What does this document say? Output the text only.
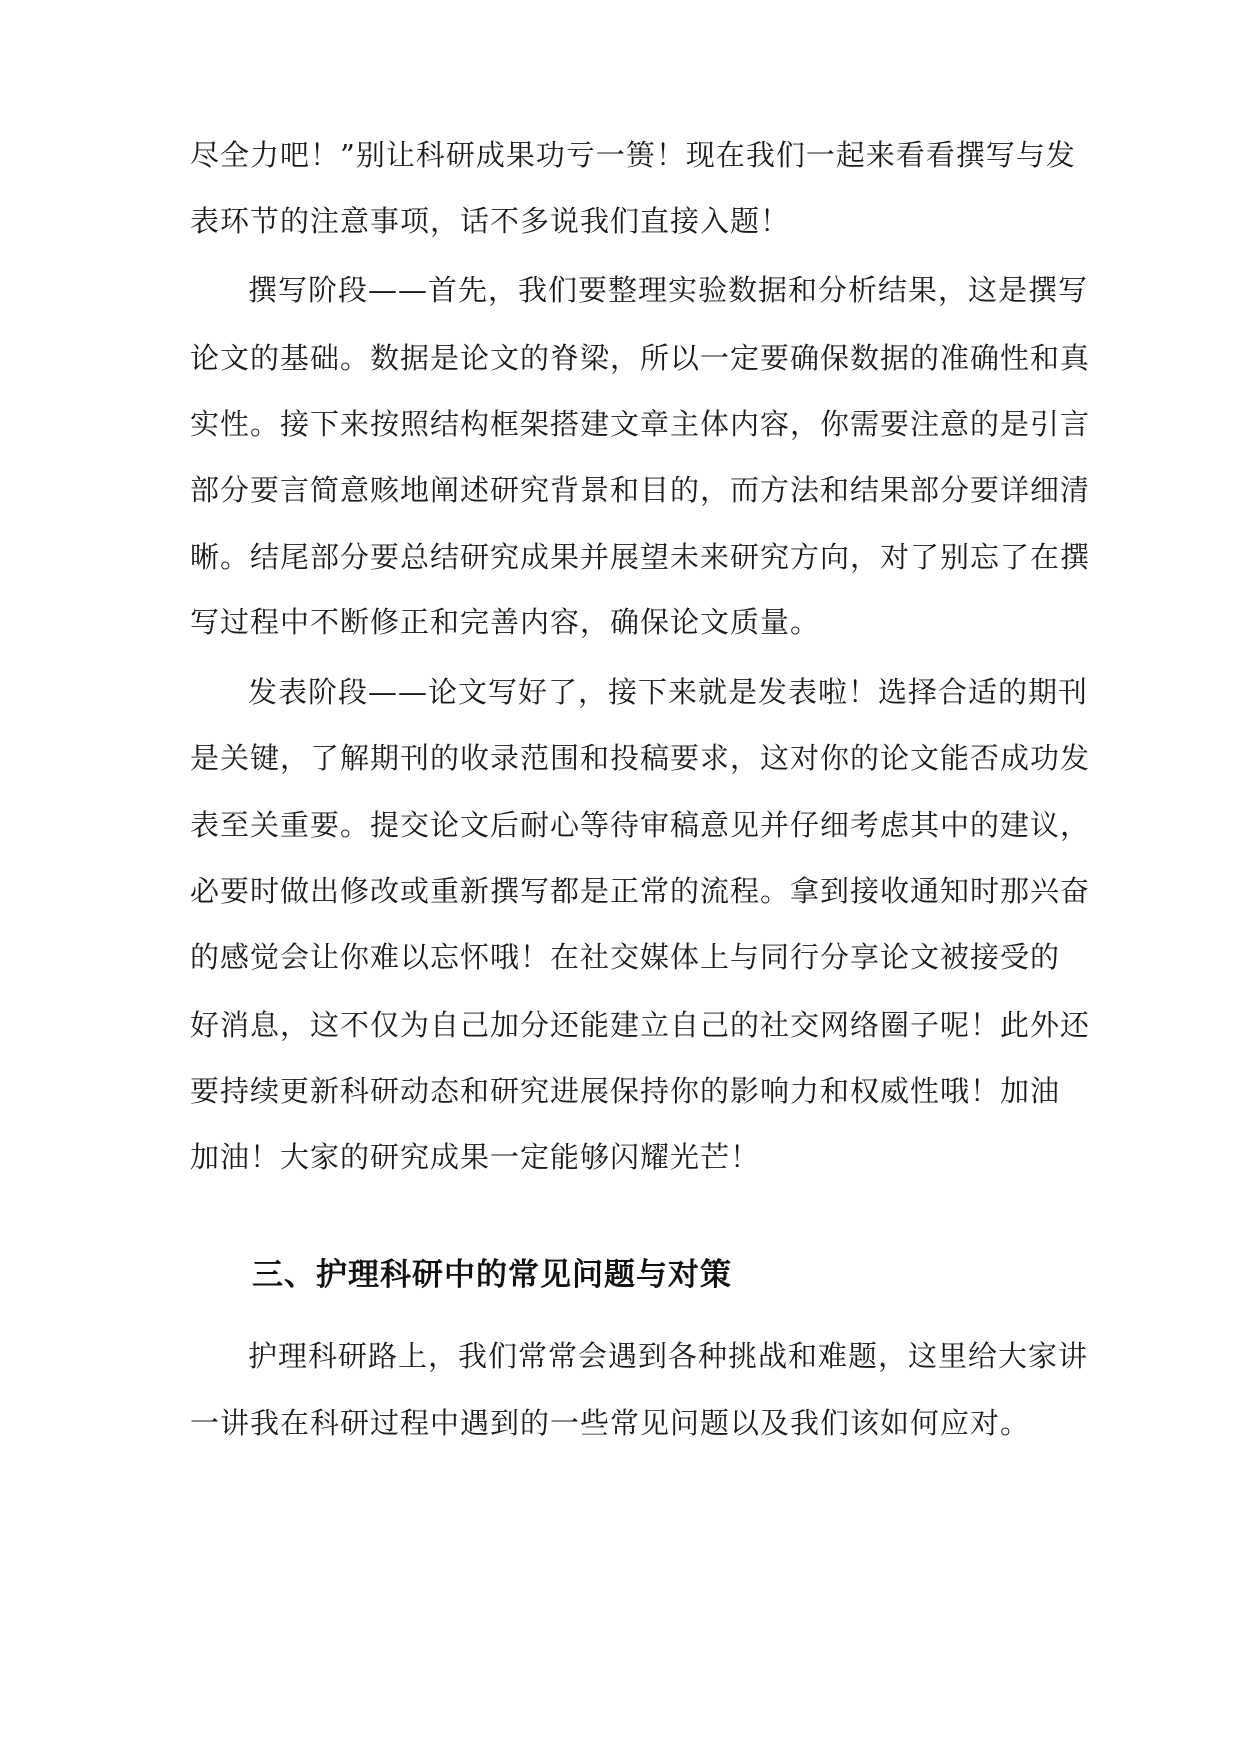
尽全力吧！”别让科研成果功亏一篑！现在我们一起来看看撰写与发
表环节的注意事项，话不多说我们直接入题！
撰写阶段——首先，我们要整理实验数据和分析结果，这是撰写
论文的基础。数据是论文的脊梁，所以一定要确保数据的准确性和真
实性。接下来按照结构框架搭建文章主体内容，你需要注意的是引言
部分要言简意赅地阐述研究背景和目的，而方法和结果部分要详细清
晰。结尾部分要总结研究成果并展望未来研究方向，对了别忘了在撰
写过程中不断修正和完善内容，确保论文质量。
发表阶段——论文写好了，接下来就是发表啦！选择合适的期刊
是关键，了解期刊的收录范围和投稿要求，这对你的论文能否成功发
表至关重要。提交论文后耐心等待审稿意见并仔细考虑其中的建议，
必要时做出修改或重新撰写都是正常的流程。拿到接收通知时那兴奋
的感觉会让你难以忘怀哦！在社交媒体上与同行分享论文被接受的
好消息，这不仅为自己加分还能建立自己的社交网络圈子呢！此外还
要持续更新科研动态和研究进展保持你的影响力和权威性哦！加油
加油！大家的研究成果一定能够闪耀光芒！
三、护理科研中的常见问题与对策
护理科研路上，我们常常会遇到各种挑战和难题，这里给大家讲
一讲我在科研过程中遇到的一些常见问题以及我们该如何应对。
